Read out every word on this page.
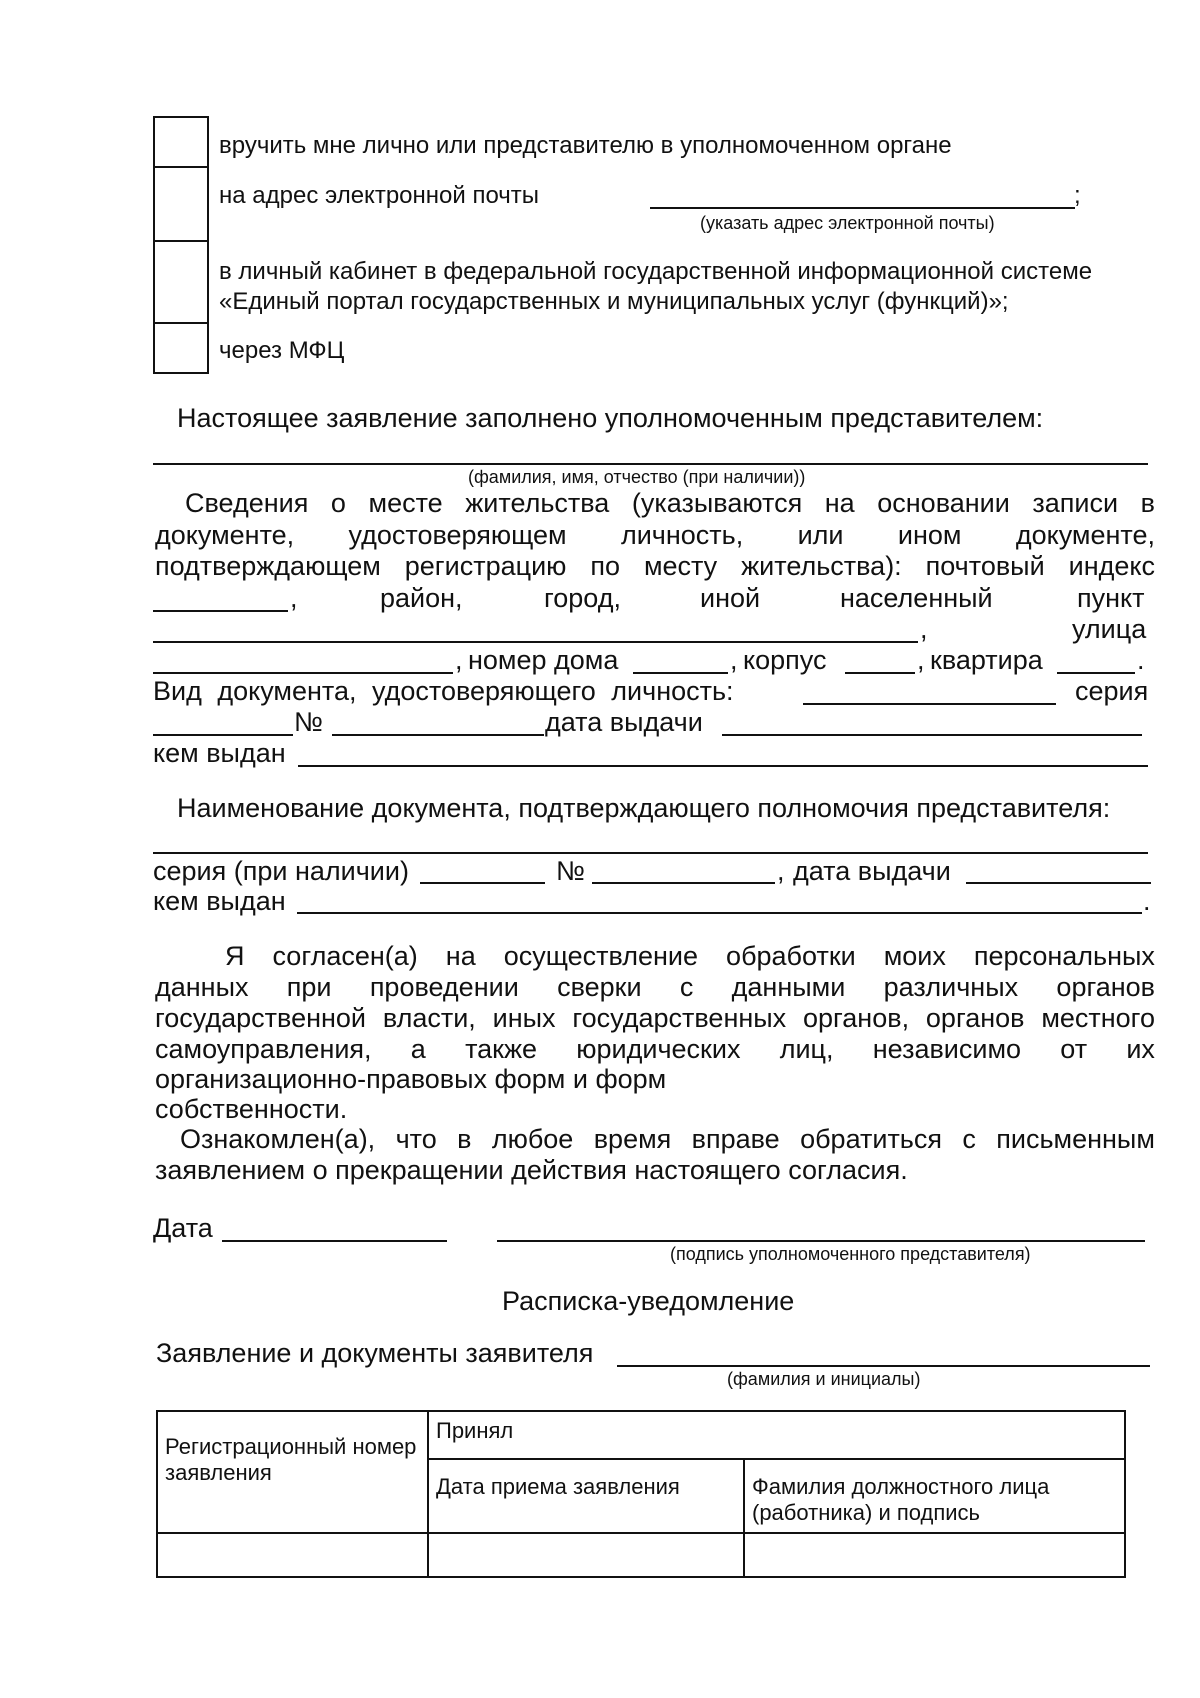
вручить мне лично или представителю в уполномоченном органе
на адрес электронной почты	;
(указать адрес электронной почты)
в личный кабинет в федеральной государственной информационной системе
«Единый портал государственных и муниципальных услуг (функций)»;
через МФЦ
Настоящее заявление заполнено уполномоченным представителем:
(фамилия, имя, отчество (при наличии))
Сведения о месте жительства (указываются на основании записи в
документе, удостоверяющем личность, или ином документе,
подтверждающем регистрацию по месту жительства): почтовый индекс
,	район,	город,	иной	населенный	пункт
,	улица
, номер дома	, корпус	, квартира	.
Вид документа, удостоверяющего личность:	серия
№	дата выдачи
кем выдан
Наименование документа, подтверждающего полномочия представителя:
серия (при наличии)	№	, дата выдачи
кем выдан	.
Я согласен(а) на осуществление обработки моих персональных
данных при проведении сверки с данными различных органов
государственной власти, иных государственных органов, органов местного
самоуправления, а также юридических лиц, независимо от их
организационно-правовых форм и форм
собственности.
Ознакомлен(а), что в любое время вправе обратиться с письменным
заявлением о прекращении действия настоящего согласия.
Дата
(подпись уполномоченного представителя)
Расписка-уведомление
Заявление и документы заявителя
(фамилия и инициалы)
Регистрационный номер заявления	Принял	
	Дата приема заявления	Фамилия должностного лица (работника) и подпись
